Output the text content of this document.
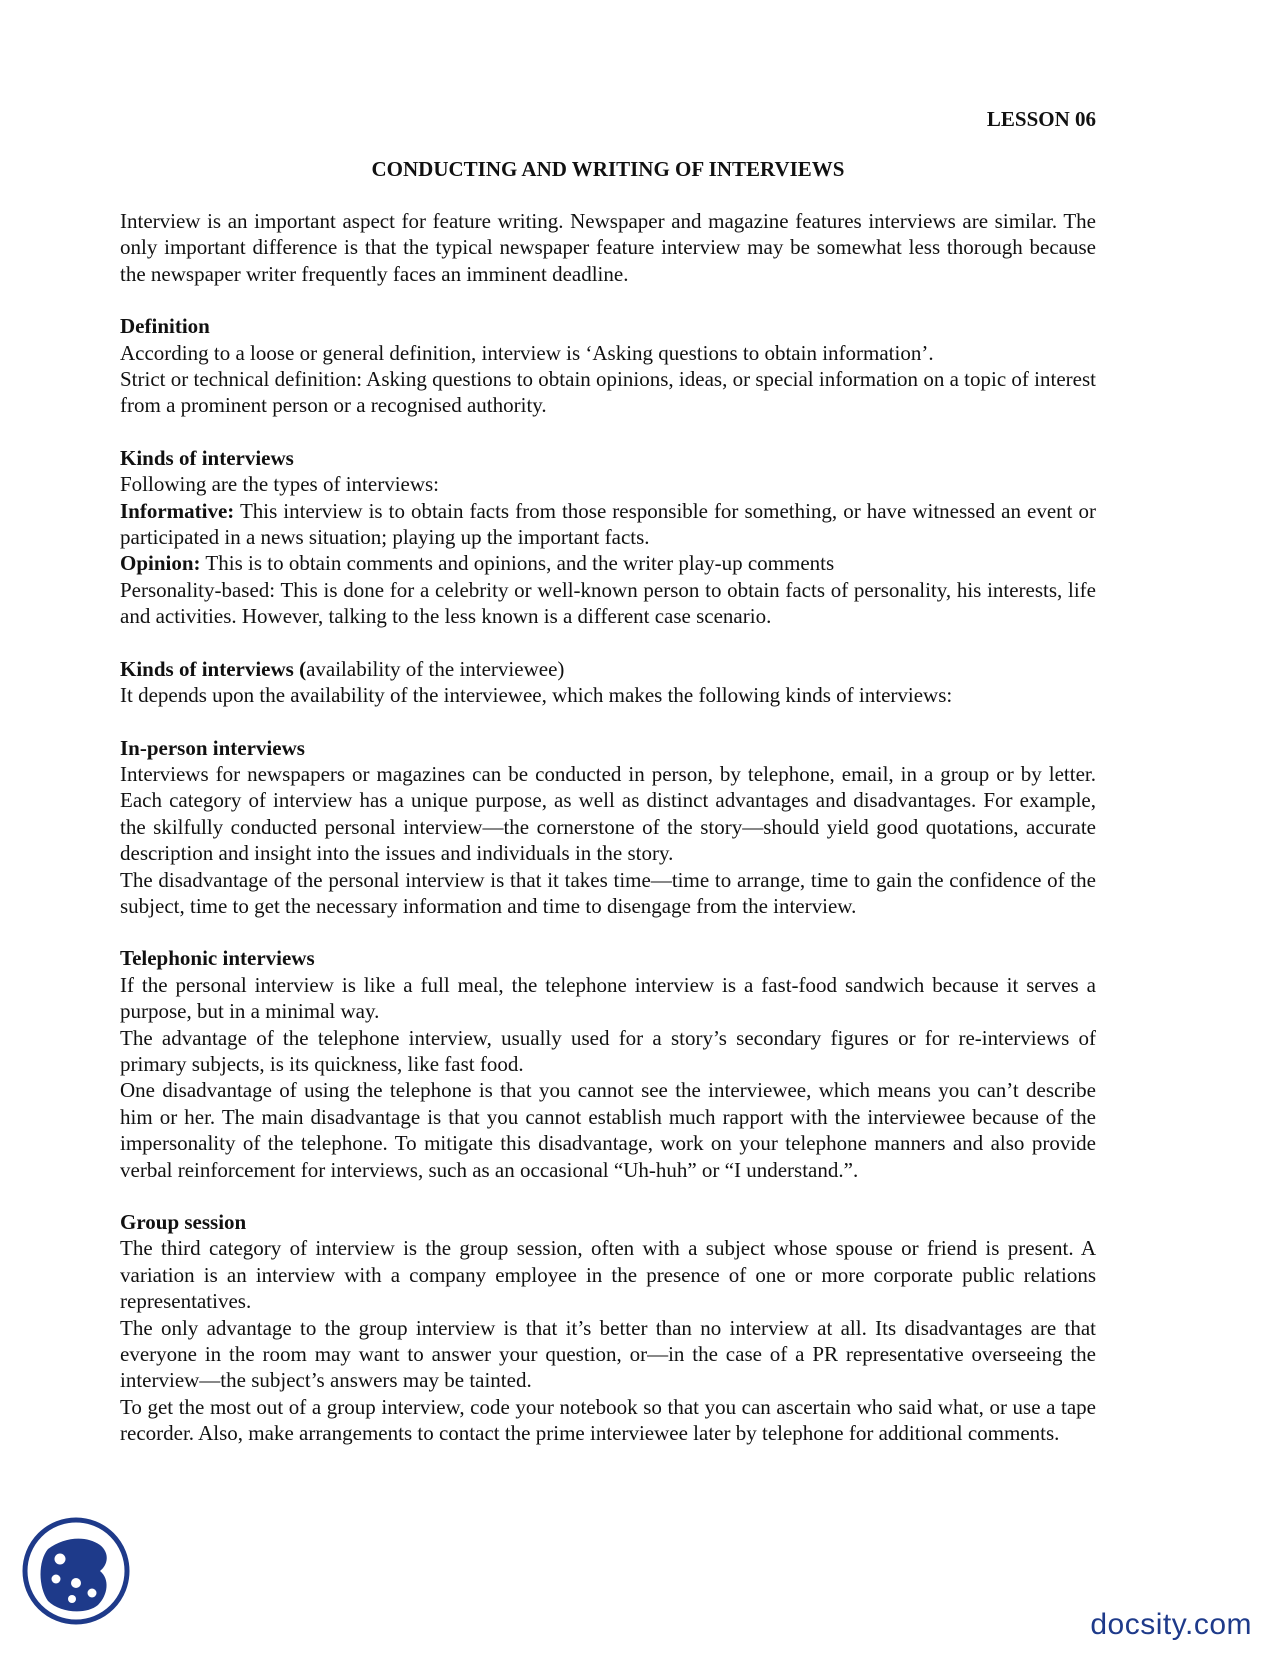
LESSON 06

CONDUCTING AND WRITING OF INTERVIEWS

Interview is an important aspect for feature writing. Newspaper and magazine features interviews are similar. The only important difference is that the typical newspaper feature interview may be somewhat less thorough because the newspaper writer frequently faces an imminent deadline.

Definition

According to a loose or general definition, interview is ‘Asking questions to obtain information’.

Strict or technical definition: Asking questions to obtain opinions, ideas, or special information on a topic of interest from a prominent person or a recognised authority.

Kinds of interviews

Following are the types of interviews:

Informative: This interview is to obtain facts from those responsible for something, or have witnessed an event or participated in a news situation; playing up the important facts.

Opinion: This is to obtain comments and opinions, and the writer play-up comments

Personality-based: This is done for a celebrity or well-known person to obtain facts of personality, his interests, life and activities. However, talking to the less known is a different case scenario.

Kinds of interviews (availability of the interviewee)

It depends upon the availability of the interviewee, which makes the following kinds of interviews:

In-person interviews

Interviews for newspapers or magazines can be conducted in person, by telephone, email, in a group or by letter. Each category of interview has a unique purpose, as well as distinct advantages and disadvantages. For example, the skilfully conducted personal interview—the cornerstone of the story—should yield good quotations, accurate description and insight into the issues and individuals in the story.

The disadvantage of the personal interview is that it takes time—time to arrange, time to gain the confidence of the subject, time to get the necessary information and time to disengage from the interview.

Telephonic interviews

If the personal interview is like a full meal, the telephone interview is a fast-food sandwich because it serves a purpose, but in a minimal way.

The advantage of the telephone interview, usually used for a story’s secondary figures or for re-interviews of primary subjects, is its quickness, like fast food.

One disadvantage of using the telephone is that you cannot see the interviewee, which means you can’t describe him or her. The main disadvantage is that you cannot establish much rapport with the interviewee because of the impersonality of the telephone. To mitigate this disadvantage, work on your telephone manners and also provide verbal reinforcement for interviews, such as an occasional “Uh-huh” or “I understand.”.

Group session

The third category of interview is the group session, often with a subject whose spouse or friend is present. A variation is an interview with a company employee in the presence of one or more corporate public relations representatives.

The only advantage to the group interview is that it’s better than no interview at all. Its disadvantages are that everyone in the room may want to answer your question, or—in the case of a PR representative overseeing the interview—the subject’s answers may be tainted.

To get the most out of a group interview, code your notebook so that you can ascertain who said what, or use a tape recorder. Also, make arrangements to contact the prime interviewee later by telephone for additional comments.

docsity.com
